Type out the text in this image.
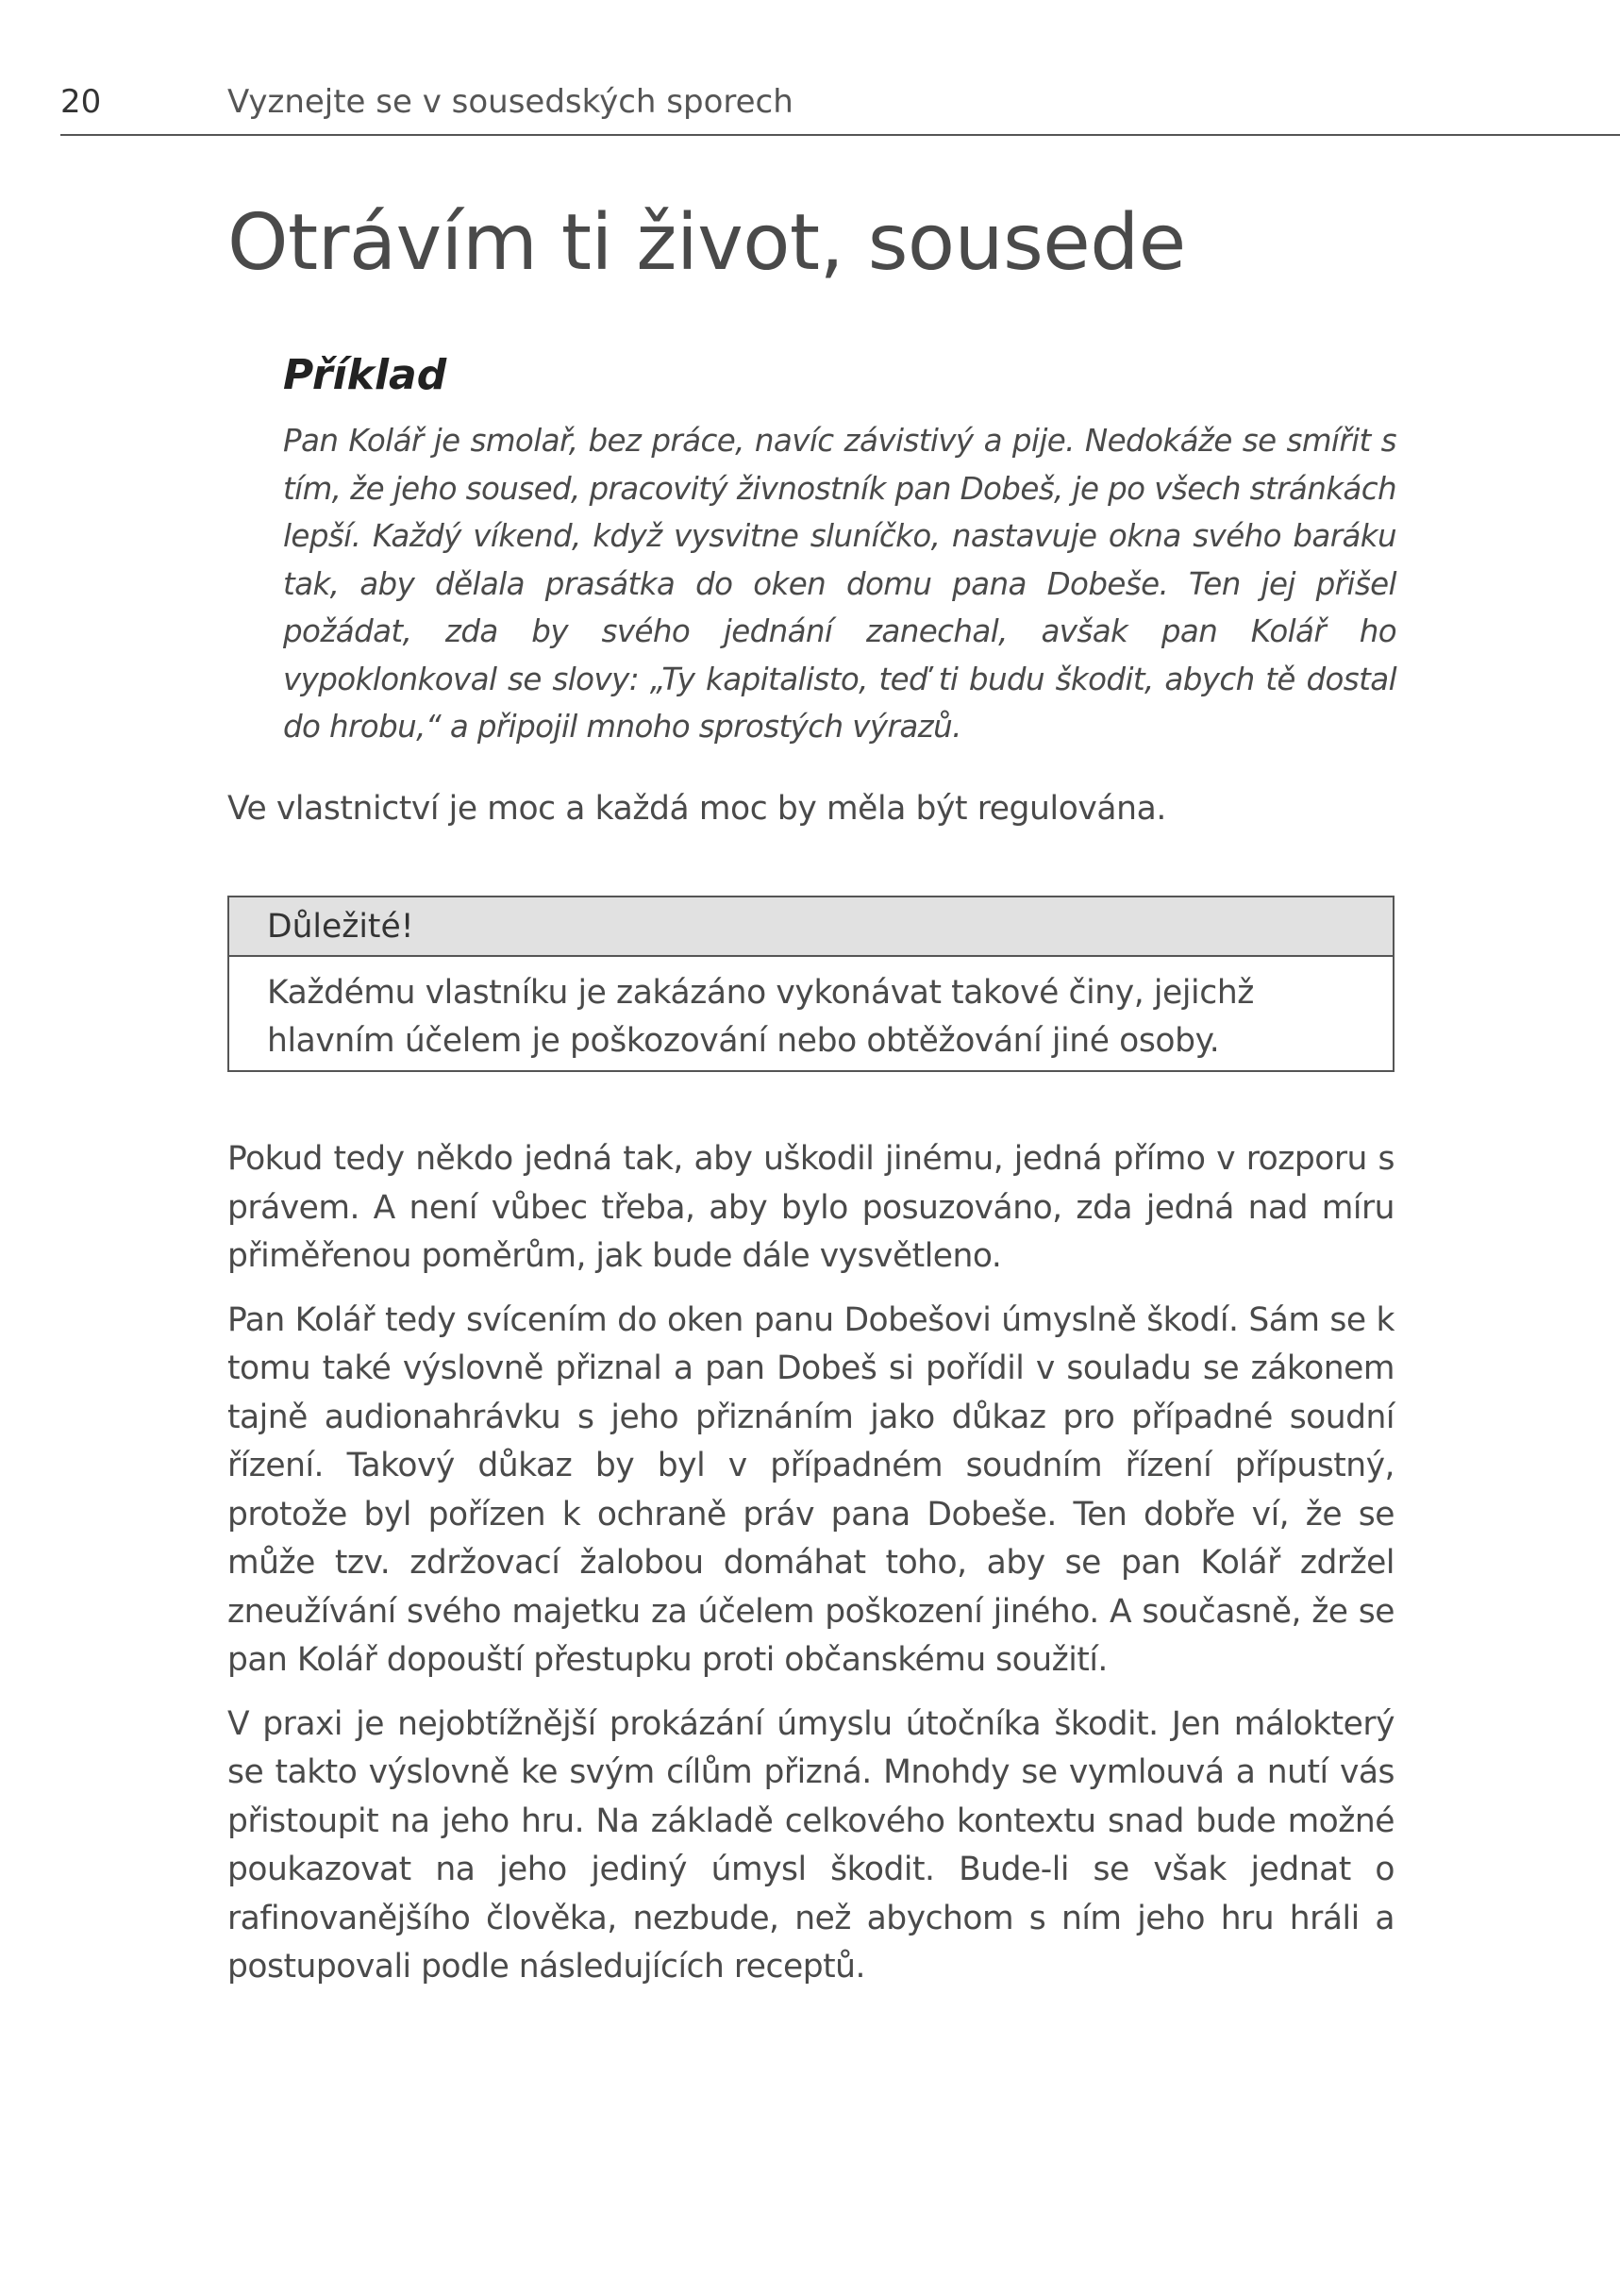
20	Vyznejte se v sousedských sporech
Otrávím ti život, sousede
Příklad

Pan Kolář je smolař, bez práce, navíc závistivý a pije. Nedokáže se smířit s tím, že jeho soused, pracovitý živnostník pan Dobeš, je po všech stránkách lepší. Každý víkend, když vysvitne sluníčko, nastavuje okna svého baráku tak, aby dělala prasátka do oken domu pana Dobeše. Ten jej přišel požádat, zda by svého jednání zanechal, avšak pan Kolář ho vypoklonkoval se slovy: „Ty kapitalisto, teď ti budu škodit, abych tě dostal do hrobu,“ a připojil mnoho sprostých výrazů.

Ve vlastnictví je moc a každá moc by měla být regulována.

Důležité!
Každému vlastníku je zakázáno vykonávat takové činy, jejichž hlavním účelem je poškozování nebo obtěžování jiné osoby.

Pokud tedy někdo jedná tak, aby uškodil jinému, jedná přímo v rozporu s právem. A není vůbec třeba, aby bylo posuzováno, zda jedná nad míru přiměřenou poměrům, jak bude dále vysvětleno.

Pan Kolář tedy svícením do oken panu Dobešovi úmyslně škodí. Sám se k tomu také výslovně přiznal a pan Dobeš si pořídil v souladu se zákonem tajně audionahrávku s jeho přiznáním jako důkaz pro případné soudní řízení. Takový důkaz by byl v případném soudním řízení přípustný, protože byl pořízen k ochraně práv pana Dobeše. Ten dobře ví, že se může tzv. zdržovací žalobou domáhat toho, aby se pan Kolář zdržel zneužívání svého majetku za účelem poškození jiného. A současně, že se pan Kolář dopouští přestupku proti občanskému soužití.

V praxi je nejobtížnější prokázání úmyslu útočníka škodit. Jen málokterý se takto výslovně ke svým cílům přizná. Mnohdy se vymlouvá a nutí vás přistoupit na jeho hru. Na základě celkového kontextu snad bude možné poukazovat na jeho jediný úmysl škodit. Bude-li se však jednat o rafinovanějšího člověka, nezbude, než abychom s ním jeho hru hráli a postupovali podle následujících receptů.
